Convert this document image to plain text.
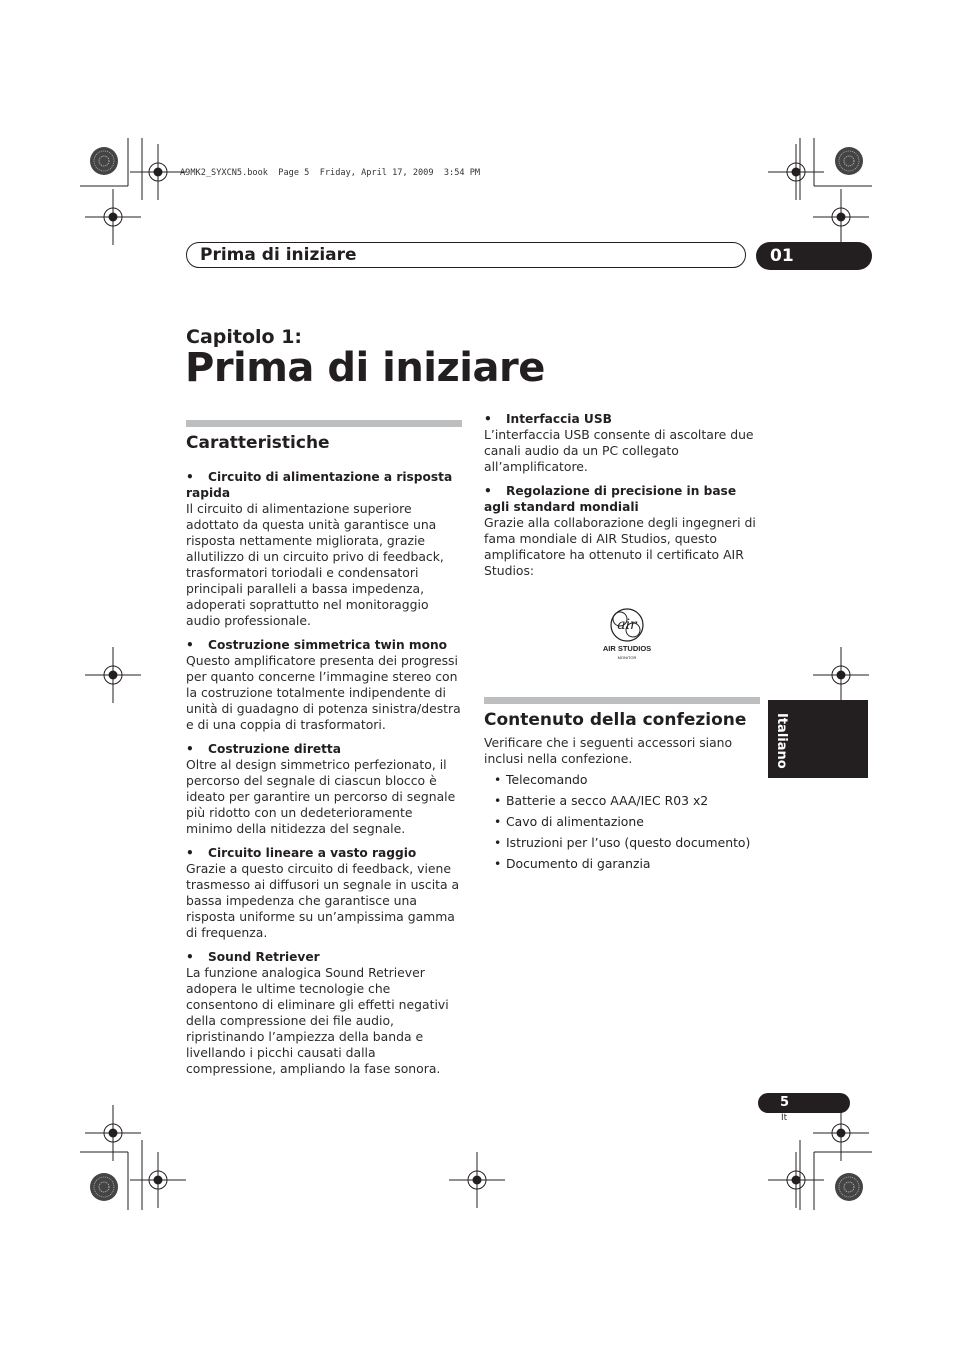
A9MK2_SYXCN5.book  Page 5  Friday, April 17, 2009  3:54 PM
Prima di iniziare	01
Capitolo 1:
Prima di iniziare
Caratteristiche
• Circuito di alimentazione a risposta rapida
Il circuito di alimentazione superiore adottato da questa unità garantisce una risposta nettamente migliorata, grazie allutilizzo di un circuito privo di feedback, trasformatori toriodali e condensatori principali paralleli a bassa impedenza, adoperati soprattutto nel monitoraggio audio professionale.
• Costruzione simmetrica twin mono
Questo amplificatore presenta dei progressi per quanto concerne l’immagine stereo con la costruzione totalmente indipendente di unità di guadagno di potenza sinistra/destra e di una coppia di trasformatori.
• Costruzione diretta
Oltre al design simmetrico perfezionato, il percorso del segnale di ciascun blocco è ideato per garantire un percorso di segnale più ridotto con un dedeterioramente minimo della nitidezza del segnale.
• Circuito lineare a vasto raggio
Grazie a questo circuito di feedback, viene trasmesso ai diffusori un segnale in uscita a bassa impedenza che garantisce una risposta uniforme su un’ampissima gamma di frequenza.
• Sound Retriever
La funzione analogica Sound Retriever adopera le ultime tecnologie che consentono di eliminare gli effetti negativi della compressione dei file audio, ripristinando l’ampiezza della banda e livellando i picchi causati dalla compressione, ampliando la fase sonora.
• Interfaccia USB
L’interfaccia USB consente di ascoltare due canali audio da un PC collegato all’amplificatore.
• Regolazione di precisione in base agli standard mondiali
Grazie alla collaborazione degli ingegneri di fama mondiale di AIR Studios, questo amplificatore ha ottenuto il certificato AIR Studios:
air
AIR STUDIOS
MONITOR
Contenuto della confezione
Verificare che i seguenti accessori siano inclusi nella confezione.
• Telecomando
• Batterie a secco AAA/IEC R03 x2
• Cavo di alimentazione
• Istruzioni per l’uso (questo documento)
• Documento di garanzia
Italiano
5
It
